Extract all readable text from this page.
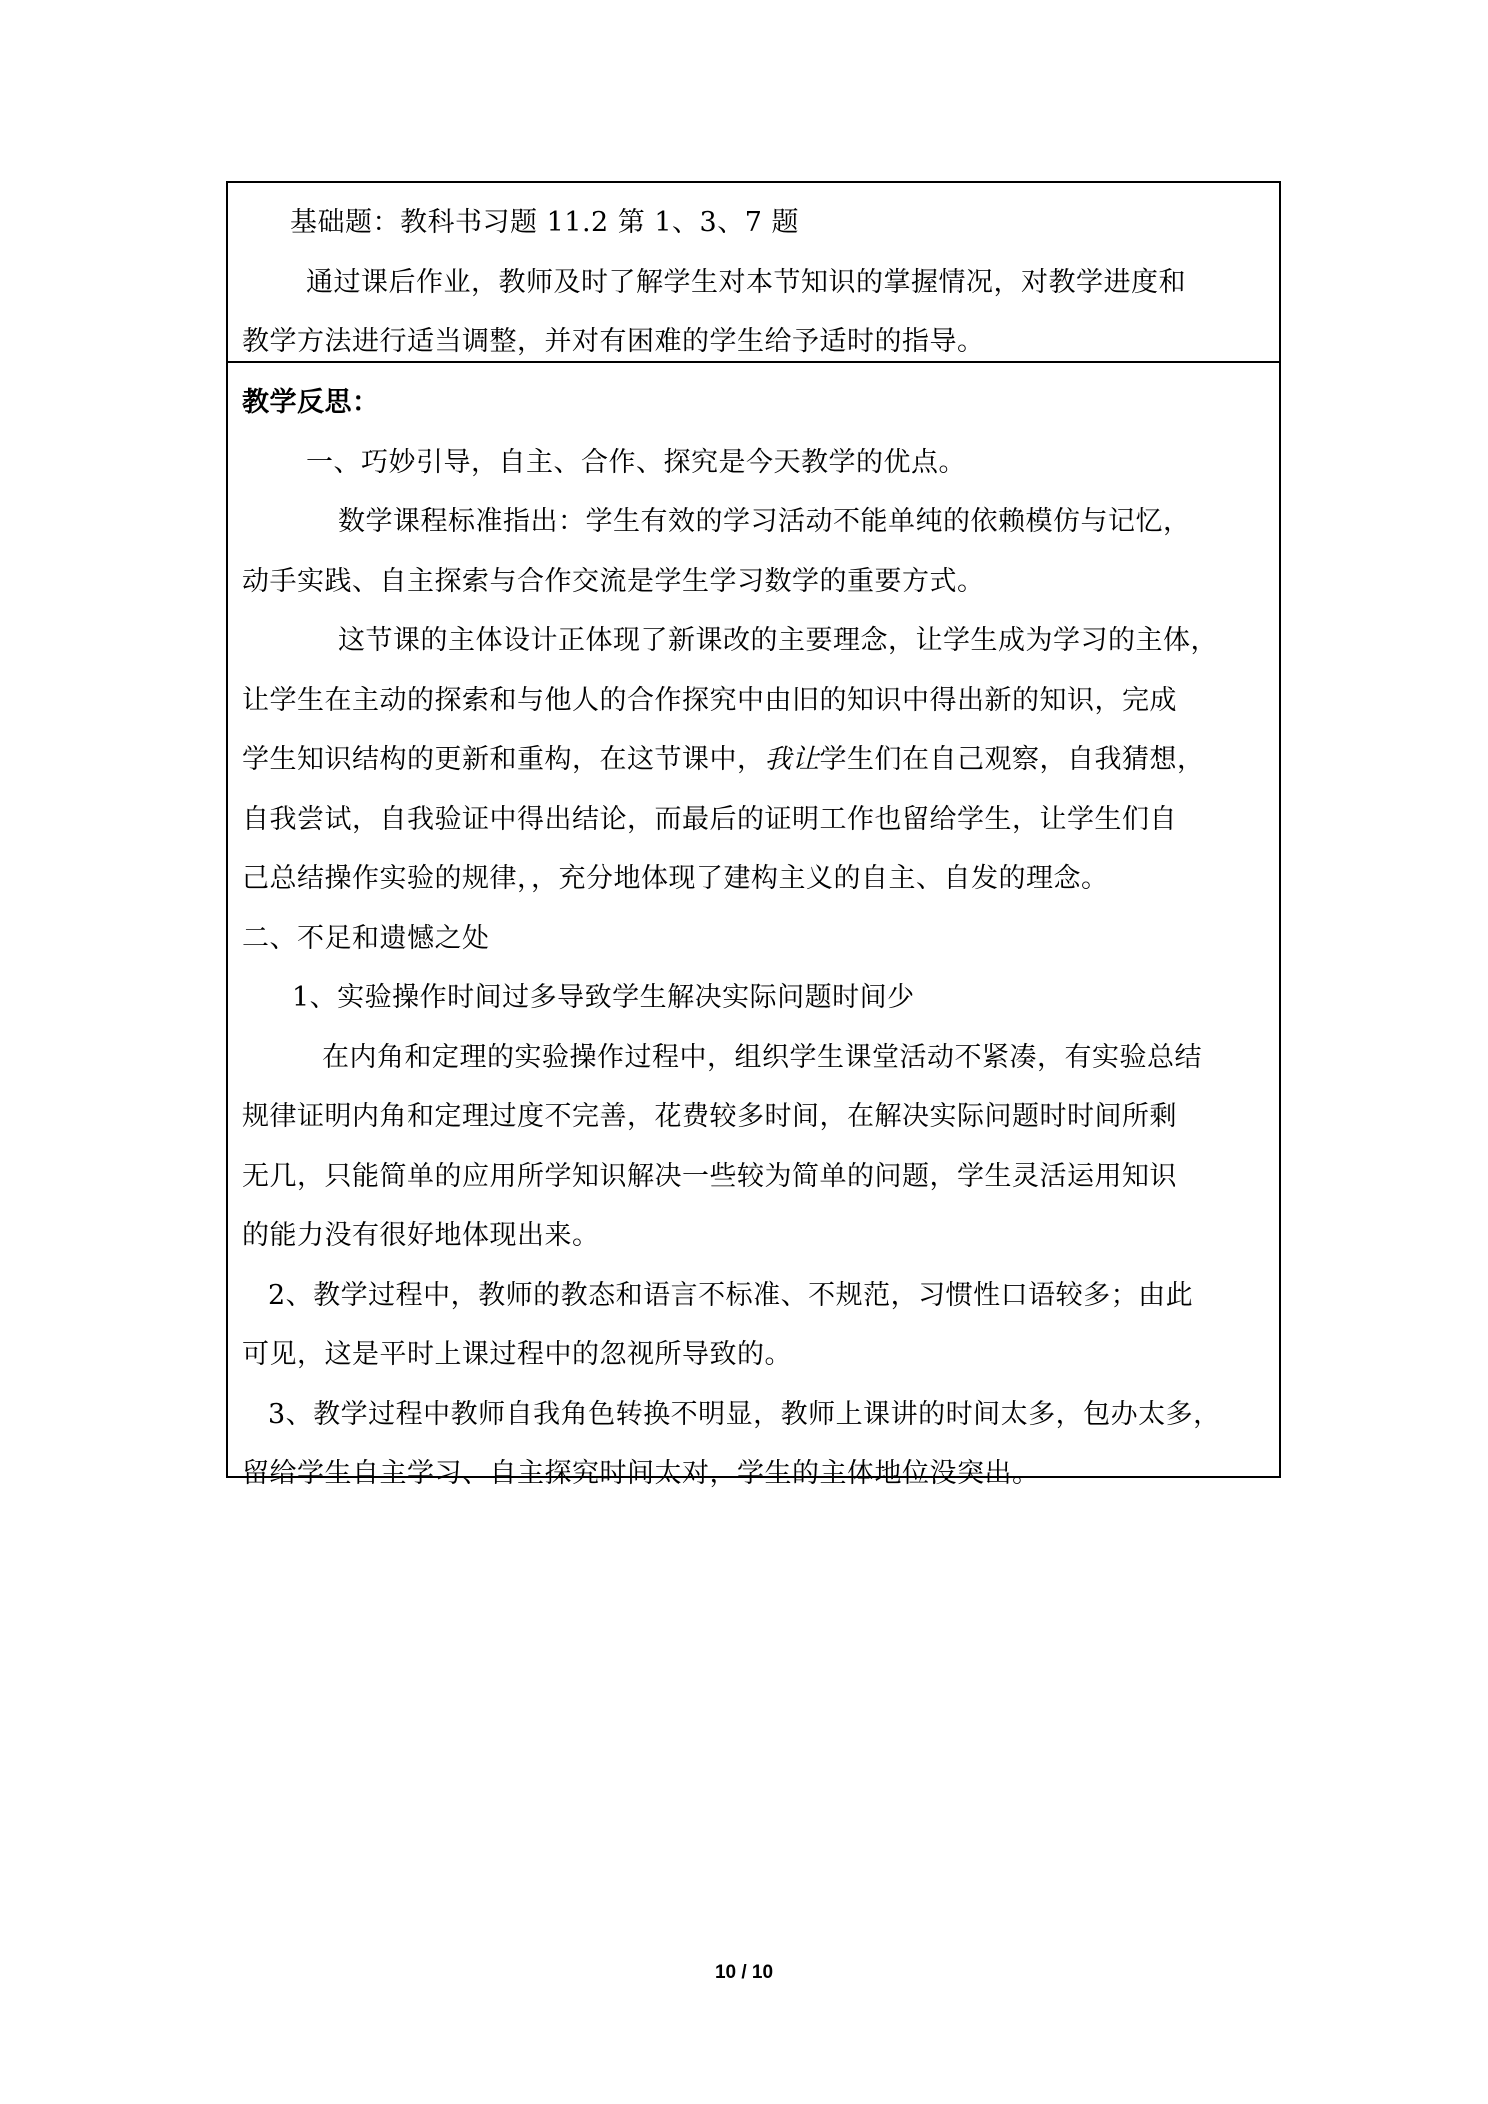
基础题：教科书习题 11.2 第 1、3、7 题

通过课后作业，教师及时了解学生对本节知识的掌握情况，对教学进度和

教学方法进行适当调整，并对有困难的学生给予适时的指导。

教学反思：

一、巧妙引导，自主、合作、探究是今天教学的优点。

数学课程标准指出：学生有效的学习活动不能单纯的依赖模仿与记忆，

动手实践、自主探索与合作交流是学生学习数学的重要方式。

这节课的主体设计正体现了新课改的主要理念，让学生成为学习的主体，

让学生在主动的探索和与他人的合作探究中由旧的知识中得出新的知识，完成

学生知识结构的更新和重构，在这节课中，我让学生们在自己观察，自我猜想，

自我尝试，自我验证中得出结论，而最后的证明工作也留给学生，让学生们自

己总结操作实验的规律，，充分地体现了建构主义的自主、自发的理念。

二、不足和遗憾之处

1、实验操作时间过多导致学生解决实际问题时间少

在内角和定理的实验操作过程中，组织学生课堂活动不紧凑，有实验总结

规律证明内角和定理过度不完善，花费较多时间，在解决实际问题时时间所剩

无几，只能简单的应用所学知识解决一些较为简单的问题，学生灵活运用知识

的能力没有很好地体现出来。

2、教学过程中，教师的教态和语言不标准、不规范，习惯性口语较多；由此

可见，这是平时上课过程中的忽视所导致的。

3、教学过程中教师自我角色转换不明显，教师上课讲的时间太多，包办太多，

留给学生自主学习、自主探究时间太对，学生的主体地位没突出。

10 / 10
